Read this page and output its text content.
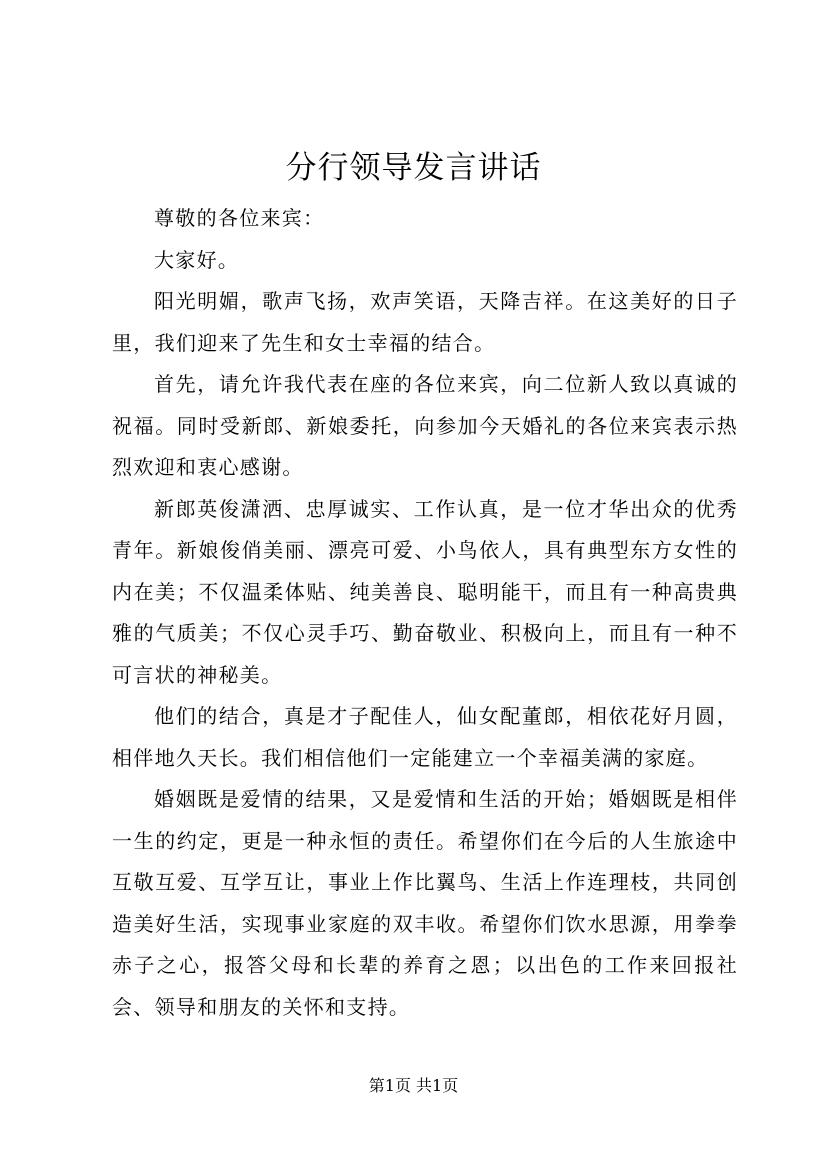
分行领导发言讲话

尊敬的各位来宾：

大家好。

阳光明媚，歌声飞扬，欢声笑语，天降吉祥。在这美好的日子里，我们迎来了先生和女士幸福的结合。

首先，请允许我代表在座的各位来宾，向二位新人致以真诚的祝福。同时受新郎、新娘委托，向参加今天婚礼的各位来宾表示热烈欢迎和衷心感谢。

新郎英俊潇洒、忠厚诚实、工作认真，是一位才华出众的优秀青年。新娘俊俏美丽、漂亮可爱、小鸟依人，具有典型东方女性的内在美；不仅温柔体贴、纯美善良、聪明能干，而且有一种高贵典雅的气质美；不仅心灵手巧、勤奋敬业、积极向上，而且有一种不可言状的神秘美。

他们的结合，真是才子配佳人，仙女配董郎，相依花好月圆，相伴地久天长。我们相信他们一定能建立一个幸福美满的家庭。

婚姻既是爱情的结果，又是爱情和生活的开始；婚姻既是相伴一生的约定，更是一种永恒的责任。希望你们在今后的人生旅途中互敬互爱、互学互让，事业上作比翼鸟、生活上作连理枝，共同创造美好生活，实现事业家庭的双丰收。希望你们饮水思源，用拳拳赤子之心，报答父母和长辈的养育之恩；以出色的工作来回报社会、领导和朋友的关怀和支持。

第1页 共1页
